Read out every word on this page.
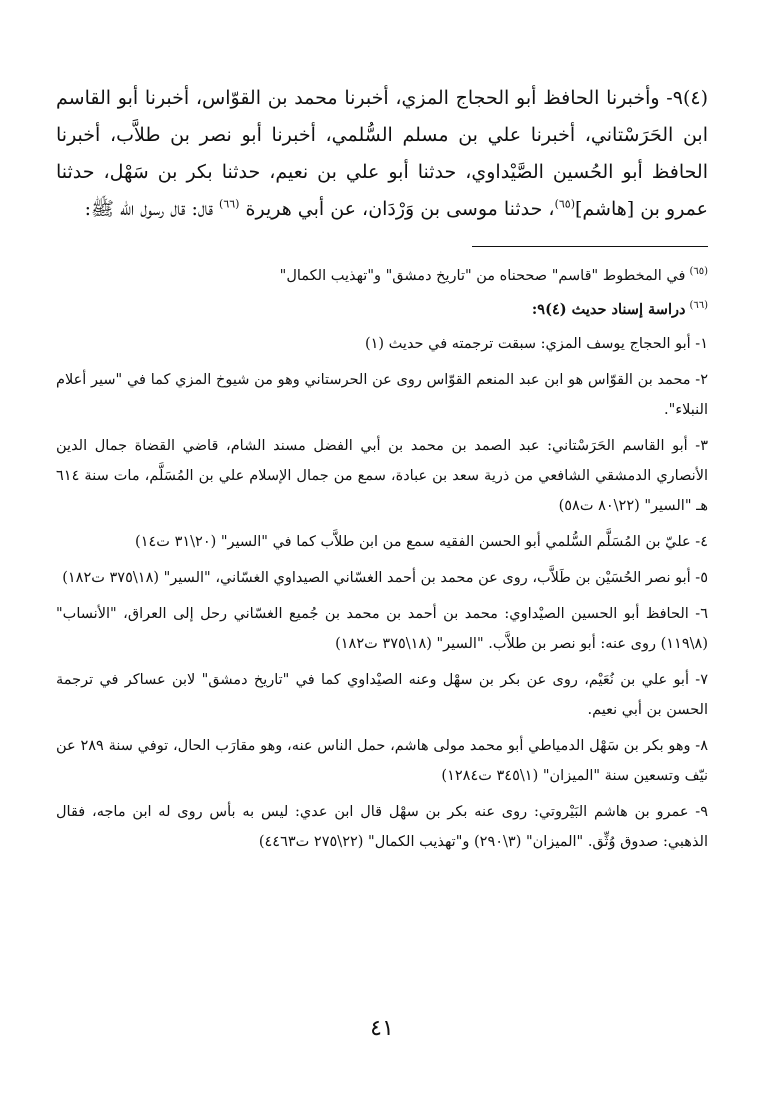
(٤)٩- وأخبرنا الحافظ أبو الحجاج المزي، أخبرنا محمد بن القوّاس، أخبرنا أبو القاسم ابن الحَرَسْتاني، أخبرنا علي بن مسلم السُّلمي، أخبرنا أبو نصر بن طلاَّب، أخبرنا الحافظ أبو الحُسين الصَّيْداوي، حدثنا أبو علي بن نعيم، حدثنا بكر بن سَهْل، حدثنا عمرو بن [هاشم]$^{(٦٥)}$، حدثنا موسى بن وَرْدَان، عن أبي هريرة $^{(٦٦)}$ قال: قال رسول الله ﷺ:

$^{(٦٥)}$في المخطوط "قاسم" صححناه من "تاريخ دمشق" و"تهذيب الكمال"

$^{(٦٦)}$دراسة إسناد حديث (٤)٩:

١- أبو الحجاج يوسف المزي: سبقت ترجمته في حديث (١)

٢- محمد بن القوّاس هو ابن عبد المنعم القوّاس روى عن الحرستاني وهو من شيوخ المزي كما في "سير أعلام النبلاء".

٣- أبو القاسم الحَرَسْتاني: عبد الصمد بن محمد بن أبي الفضل مسند الشام، قاضي القضاة جمال الدين الأنصاري الدمشقي الشافعي من ذرية سعد بن عبادة، سمع من جمال الإسلام علي بن المُسَلَّم، مات سنة ٦١٤ هـ "السير" (٢٢\٨٠ ت٥٨)

٤- عليّ بن المُسَلَّم السُّلمي أبو الحسن الفقيه سمع من ابن طلاَّب كما في "السير" (٢٠\٣١ ت١٤)

٥- أبو نصر الحُسَيْن بن طَلاَّب، روى عن محمد بن أحمد الغسّاني الصيداوي الغسّاني، "السير" (١٨\٣٧٥ ت١٨٢)

٦- الحافظ أبو الحسين الصيْداوي: محمد بن أحمد بن محمد بن جُميع الغسّاني رحل إلى العراق، "الأنساب" (٨\١١٩) روى عنه: أبو نصر بن طلاَّب. "السير" (١٨\٣٧٥ ت١٨٢)

٧- أبو علي بن نُعَيْم، روى عن بكر بن سهْل وعنه الصيْداوي كما في "تاريخ دمشق" لابن عساكر في ترجمة الحسن بن أبي نعيم.

٨- وهو بكر بن سَهْل الدمياطي أبو محمد مولى هاشم، حمل الناس عنه، وهو مقارَب الحال، توفي سنة ٢٨٩ عن نيّف وتسعين سنة "الميزان" (١\٣٤٥ ت١٢٨٤)

٩- عمرو بن هاشم البَيْروتي: روى عنه بكر بن سهْل قال ابن عدي: ليس به بأس روى له ابن ماجه، فقال الذهبي: صدوق وُثِّق. "الميزان" (٣\٢٩٠) و"تهذيب الكمال" (٢٢\٢٧٥ ت٤٤٦٣)

٤١
